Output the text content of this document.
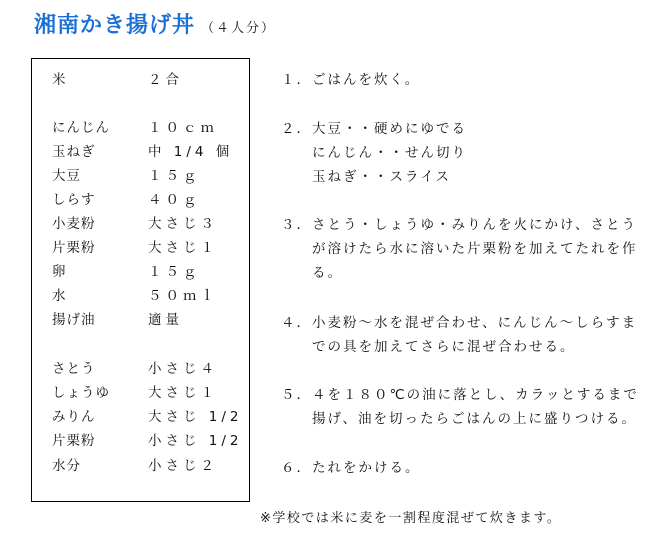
湘南かき揚げ丼 （４人分）
米	２合
にんじん	１０ｃｍ
玉ねぎ	中 1/4 個
大豆	１５ｇ
しらす	４０ｇ
小麦粉	大さじ３
片栗粉	大さじ１
卵	１５ｇ
水	５０ｍｌ
揚げ油	適量
さとう	小さじ４
しょうゆ	大さじ１
みりん	大さじ 1/2
片栗粉	小さじ 1/2
水分	小さじ２
１．ごはんを炊く。
２．大豆・・硬めにゆでる
　　にんじん・・せん切り
　　玉ねぎ・・スライス
３．さとう・しょうゆ・みりんを火にかけ、さとう
　　が溶けたら水に溶いた片栗粉を加えてたれを作
　　る。
４．小麦粉～水を混ぜ合わせ、にんじん～しらすま
　　での具を加えてさらに混ぜ合わせる。
５．４を１８０℃の油に落とし、カラッとするまで
　　揚げ、油を切ったらごはんの上に盛りつける。
６．たれをかける。
※学校では米に麦を一割程度混ぜて炊きます。
